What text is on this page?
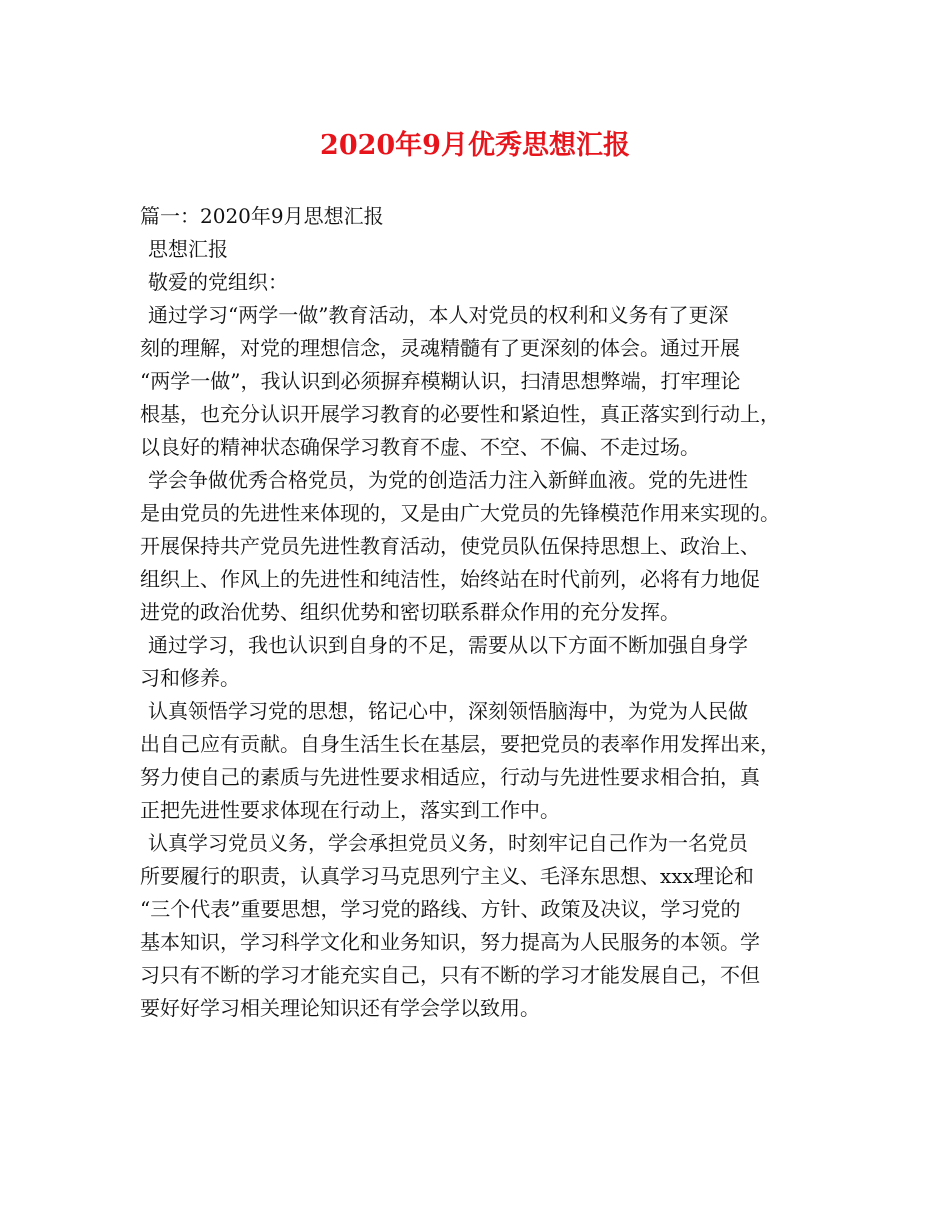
2020年9月优秀思想汇报
篇一：2020年9月思想汇报
思想汇报
敬爱的党组织：
通过学习“两学一做”教育活动，本人对党员的权利和义务有了更深
刻的理解，对党的理想信念，灵魂精髓有了更深刻的体会。通过开展
“两学一做”，我认识到必须摒弃模糊认识，扫清思想弊端，打牢理论
根基，也充分认识开展学习教育的必要性和紧迫性，真正落实到行动上，
以良好的精神状态确保学习教育不虚、不空、不偏、不走过场。
学会争做优秀合格党员，为党的创造活力注入新鲜血液。党的先进性
是由党员的先进性来体现的，又是由广大党员的先锋模范作用来实现的。
开展保持共产党员先进性教育活动，使党员队伍保持思想上、政治上、
组织上、作风上的先进性和纯洁性，始终站在时代前列，必将有力地促
进党的政治优势、组织优势和密切联系群众作用的充分发挥。
通过学习，我也认识到自身的不足，需要从以下方面不断加强自身学
习和修养。
认真领悟学习党的思想，铭记心中，深刻领悟脑海中，为党为人民做
出自己应有贡献。自身生活生长在基层，要把党员的表率作用发挥出来，
努力使自己的素质与先进性要求相适应，行动与先进性要求相合拍，真
正把先进性要求体现在行动上，落实到工作中。
认真学习党员义务，学会承担党员义务，时刻牢记自己作为一名党员
所要履行的职责，认真学习马克思列宁主义、毛泽东思想、xxx理论和
“三个代表”重要思想，学习党的路线、方针、政策及决议，学习党的
基本知识，学习科学文化和业务知识，努力提高为人民服务的本领。学
习只有不断的学习才能充实自己，只有不断的学习才能发展自己，不但
要好好学习相关理论知识还有学会学以致用。
